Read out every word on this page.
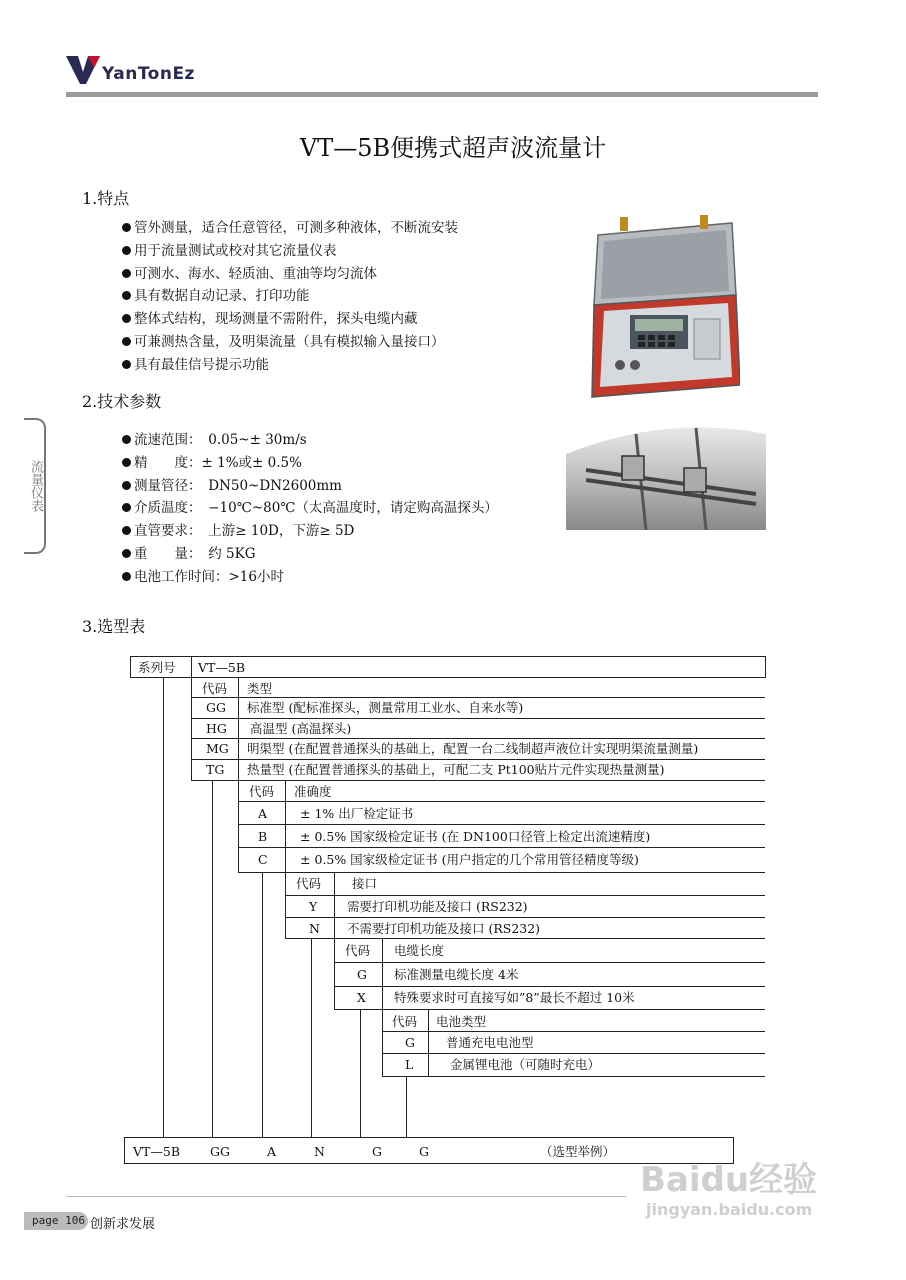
YanTonEz
VT—5B便携式超声波流量计
流量仪表
1.特点
管外测量，适合任意管径，可测多种液体，不断流安装
用于流量测试或校对其它流量仪表
可测水、海水、轻质油、重油等均匀流体
具有数据自动记录、打印功能
整体式结构，现场测量不需附件，探头电缆内藏
可兼测热含量，及明渠流量（具有模拟输入量接口）
具有最佳信号提示功能
2.技术参数
流速范围：　0.05~± 30m/s
精　　度：± 1%或± 0.5%
测量管径：　DN50~DN2600mm
介质温度：　−10℃~80℃（太高温度时，请定购高温探头）
直管要求：　上游≥ 10D，下游≥ 5D
重　　量：　约 5KG
电池工作时间：>16小时
3.选型表
系列号 VT—5B
代码 类型
GG 标准型 (配标准探头，测量常用工业水、自来水等)
HG 高温型 (高温探头)
MG 明渠型 (在配置普通探头的基础上，配置一台二线制超声液位计实现明渠流量测量)
TG 热量型 (在配置普通探头的基础上，可配二支 Pt100贴片元件实现热量测量)
代码 准确度
A	± 1% 出厂检定证书
B	± 0.5% 国家级检定证书 (在 DN100口径管上检定出流速精度)
C	± 0.5% 国家级检定证书 (用户指定的几个常用管径精度等级)
代码 接口
Y 需要打印机功能及接口 (RS232)
N 不需要打印机功能及接口 (RS232)
代码 电缆长度
G 标准测量电缆长度 4米
X 特殊要求时可直接写如”8”最长不超过 10米
代码 电池类型
G 普通充电电池型
L	金属锂电池（可随时充电）
VT—5B GG	A	N	G	G	（选型举例）
page 106 创新求发展
Baidu经验
jingyan.baidu.com
